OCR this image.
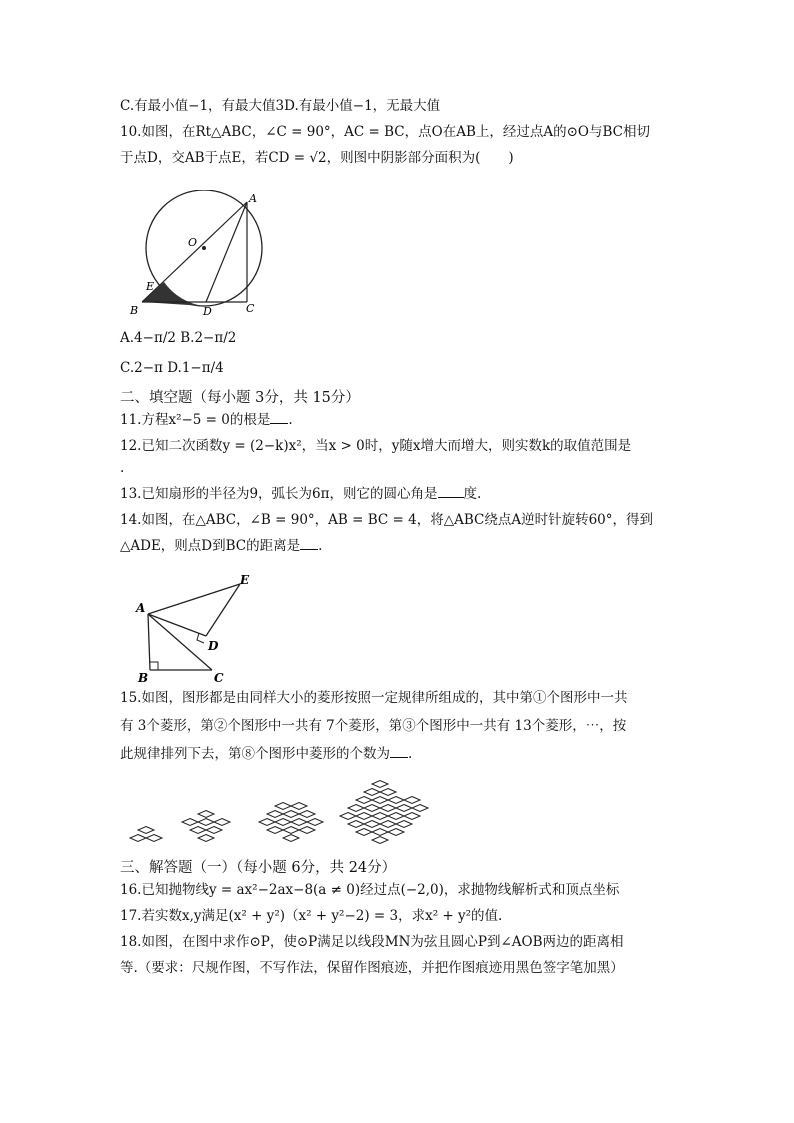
C.有最小值−1，有最大值3D.有最小值−1，无最大值
10.如图，在Rt△ABC，∠C = 90°，AC = BC，点O在AB上，经过点A的⊙O与BC相切
于点D，交AB于点E，若CD = √2，则图中阴影部分面积为( )
A
O
E
B	D	C
A.4−π/2 B.2−π/2
C.2−π D.1−π/4
二、填空题（每小题 3分，共 15分）
11.方程x²−5 = 0的根是 .
12.已知二次函数y = (2−k)x²，当x > 0时，y随x增大而增大，则实数k的取值范围是
.
13.已知扇形的半径为9，弧长为6π，则它的圆心角是 度.
14.如图，在△ABC，∠B = 90°，AB = BC = 4，将△ABC绕点A逆时针旋转60°，得到
△ADE，则点D到BC的距离是 .
A
E
D
B	C
15.如图，图形都是由同样大小的菱形按照一定规律所组成的，其中第①个图形中一共
有 3个菱形，第②个图形中一共有 7个菱形，第③个图形中一共有 13个菱形，⋯，按
此规律排列下去，第⑧个图形中菱形的个数为 .
三、解答题（一）（每小题 6分，共 24分）
16.已知抛物线y = ax²−2ax−8(a ≠ 0)经过点(−2,0)，求抛物线解析式和顶点坐标
17.若实数x,y满足(x² + y²)（x² + y²−2) = 3，求x² + y²的值.
18.如图，在图中求作⊙P，使⊙P满足以线段MN为弦且圆心P到∠AOB两边的距离相
等.（要求：尺规作图，不写作法，保留作图痕迹，并把作图痕迹用黑色签字笔加黑）
